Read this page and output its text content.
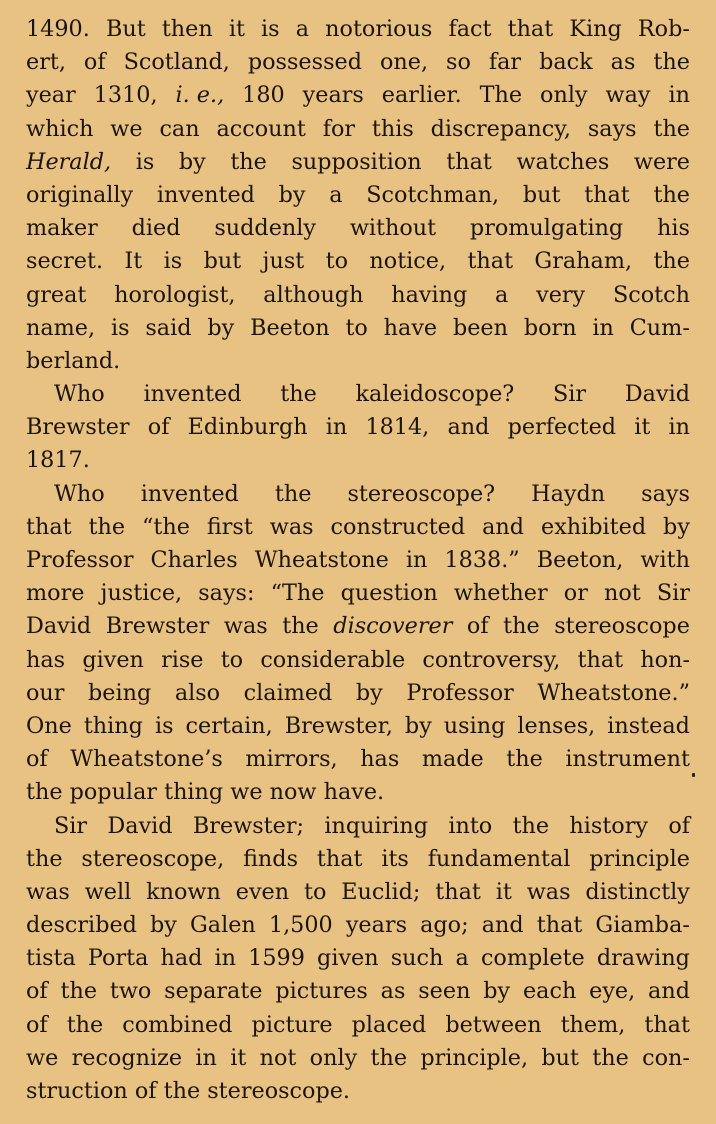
1490. But then it is a notorious fact that King Rob-
ert, of Scotland, possessed one, so far back as the
year 1310, i. e., 180 years earlier. The only way in
which we can account for this discrepancy, says the
Herald, is by the supposition that watches were
originally invented by a Scotchman, but that the
maker died suddenly without promulgating his
secret. It is but just to notice, that Graham, the
great horologist, although having a very Scotch
name, is said by Beeton to have been born in Cum-
berland.
Who invented the kaleidoscope? Sir David
Brewster of Edinburgh in 1814, and perfected it in
1817.
Who invented the stereoscope? Haydn says
that the “the first was constructed and exhibited by
Professor Charles Wheatstone in 1838.” Beeton, with
more justice, says: “The question whether or not Sir
David Brewster was the discoverer of the stereoscope
has given rise to considerable controversy, that hon-
our being also claimed by Professor Wheatstone.”
One thing is certain, Brewster, by using lenses, instead
of Wheatstone’s mirrors, has made the instrument
the popular thing we now have.
Sir David Brewster; inquiring into the history of
the stereoscope, finds that its fundamental principle
was well known even to Euclid; that it was distinctly
described by Galen 1,500 years ago; and that Giamba-
tista Porta had in 1599 given such a complete drawing
of the two separate pictures as seen by each eye, and
of the combined picture placed between them, that
we recognize in it not only the principle, but the con-
struction of the stereoscope.
